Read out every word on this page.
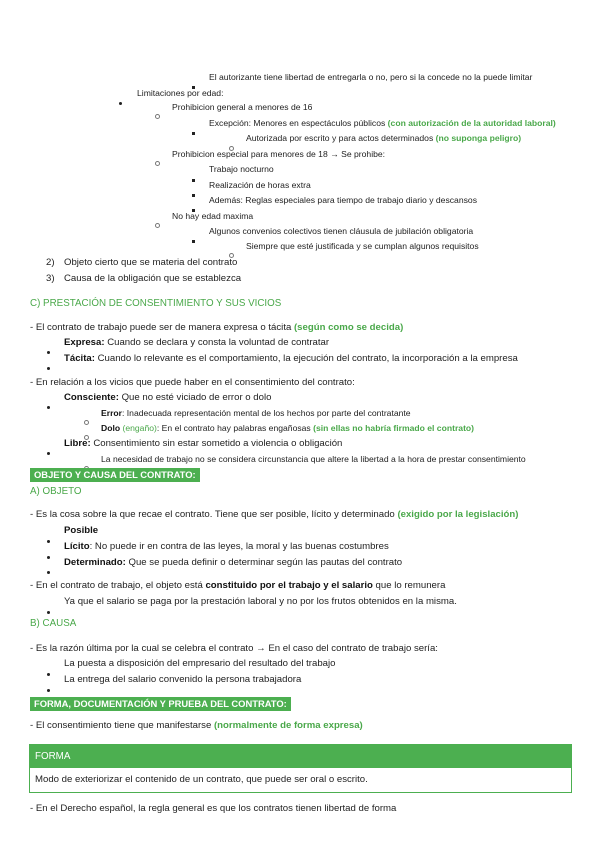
El autorizante tiene libertad de entregarla o no, pero si la concede no la puede limitar
Limitaciones por edad:
Prohibicion general a menores de 16
Excepción: Menores en espectáculos públicos (con autorización de la autoridad laboral)
Autorizada por escrito y para actos determinados (no suponga peligro)
Prohibicion especial para menores de 18 → Se prohibe:
Trabajo nocturno
Realización de horas extra
Además: Reglas especiales para tiempo de trabajo diario y descansos
No hay edad maxima
Algunos convenios colectivos tienen cláusula de jubilación obligatoria
Siempre que esté justificada y se cumplan algunos requisitos
2) Objeto cierto que se materia del contrato
3) Causa de la obligación que se establezca
C) PRESTACIÓN DE CONSENTIMIENTO Y SUS VICIOS
- El contrato de trabajo puede ser de manera expresa o tácita (según como se decida)
Expresa: Cuando se declara y consta la voluntad de contratar
Tácita: Cuando lo relevante es el comportamiento, la ejecución del contrato, la incorporación a la empresa
- En relación a los vicios que puede haber en el consentimiento del contrato:
Consciente: Que no esté viciado de error o dolo
Error: Inadecuada representación mental de los hechos por parte del contratante
Dolo (engaño): En el contrato hay palabras engañosas (sin ellas no habría firmado el contrato)
Libre: Consentimiento sin estar sometido a violencia o obligación
La necesidad de trabajo no se considera circunstancia que altere la libertad a la hora de prestar consentimiento
OBJETO Y CAUSA DEL CONTRATO:
A) OBJETO
- Es la cosa sobre la que recae el contrato. Tiene que ser posible, lícito y determinado (exigido por la legislación)
Posible
Lícito: No puede ir en contra de las leyes, la moral y las buenas costumbres
Determinado: Que se pueda definir o determinar según las pautas del contrato
- En el contrato de trabajo, el objeto está constituido por el trabajo y el salario que lo remunera
Ya que el salario se paga por la prestación laboral y no por los frutos obtenidos en la misma.
B) CAUSA
- Es la razón última por la cual se celebra el contrato → En el caso del contrato de trabajo sería:
La puesta a disposición del empresario del resultado del trabajo
La entrega del salario convenido la persona trabajadora
FORMA, DOCUMENTACIÓN Y PRUEBA DEL CONTRATO:
- El consentimiento tiene que manifestarse (normalmente de forma expresa)
FORMA
Modo de exteriorizar el contenido de un contrato, que puede ser oral o escrito.
- En el Derecho español, la regla general es que los contratos tienen libertad de forma
